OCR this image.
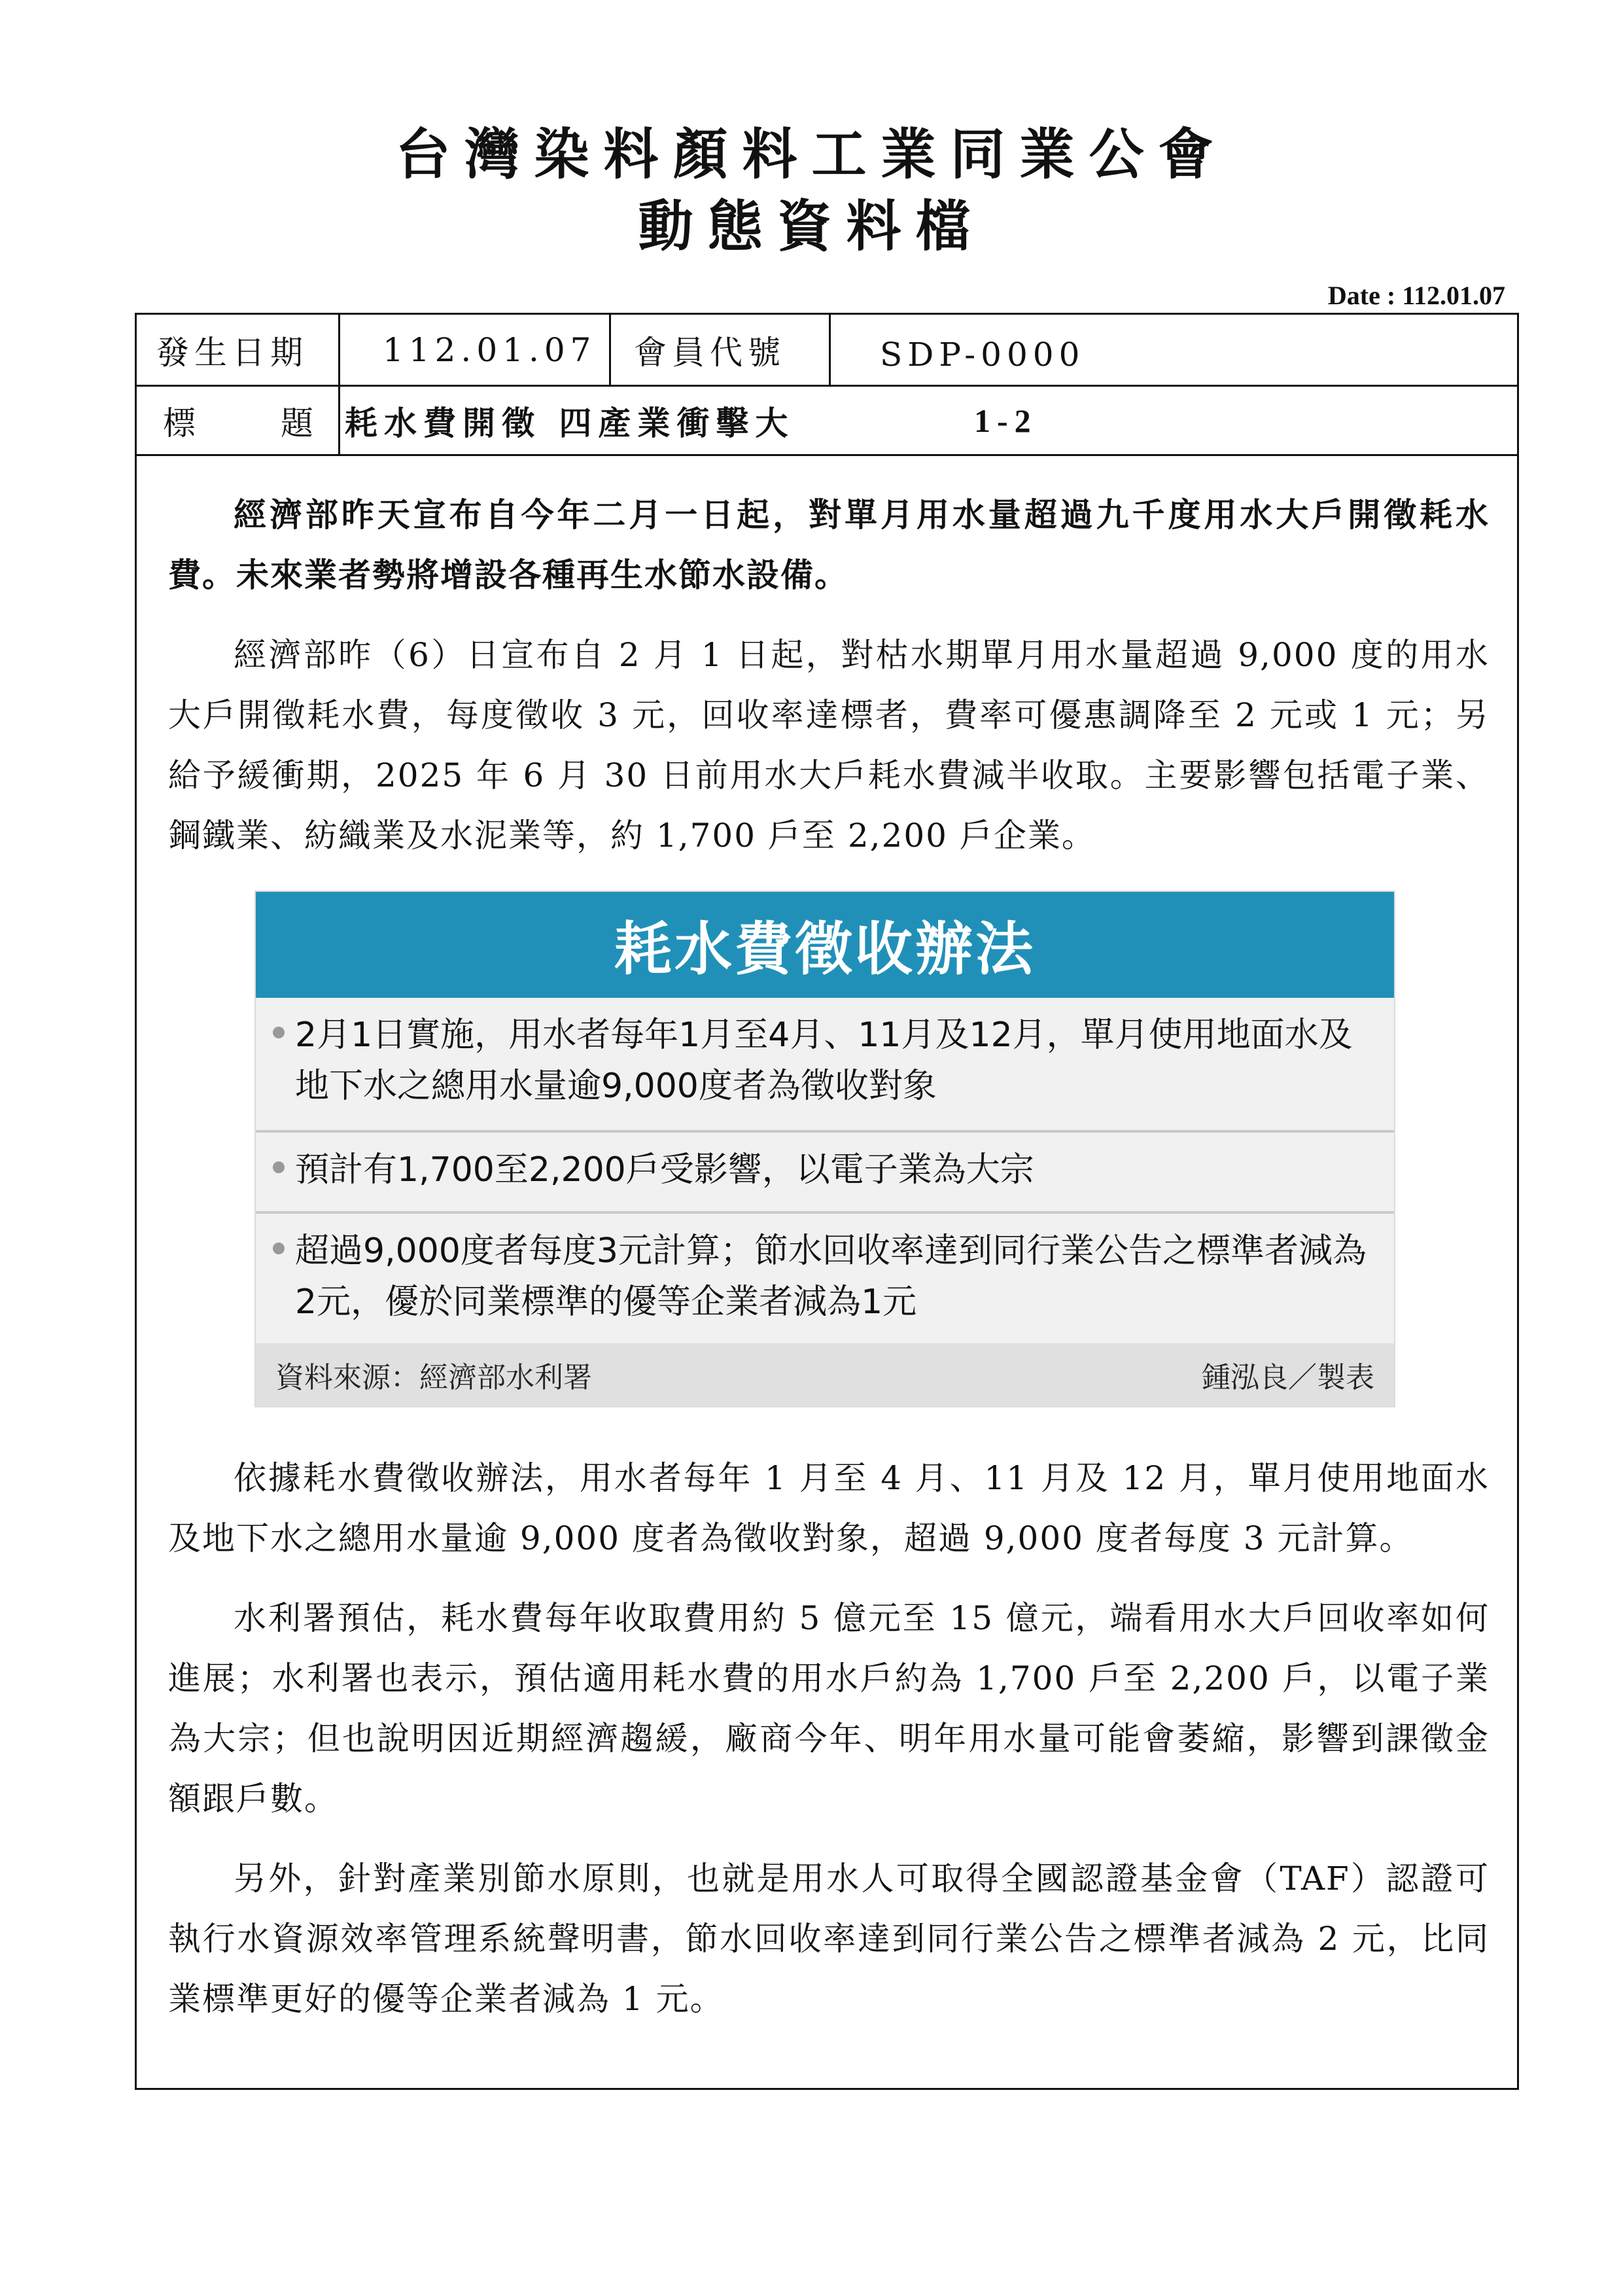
台灣染料顏料工業同業公會
動態資料檔
Date : 112.01.07
發生日期 112.01.07 會員代號	SDP-0000
標　　題 耗水費開徵 四產業衝擊大	1-2

經濟部昨天宣布自今年二月一日起，對單月用水量超過九千度用水大戶開徵耗水費。未來業者勢將增設各種再生水節水設備。

經濟部昨（6）日宣布自 2 月 1 日起，對枯水期單月用水量超過 9,000 度的用水大戶開徵耗水費，每度徵收 3 元，回收率達標者，費率可優惠調降至 2 元或 1 元；另給予緩衝期，2025 年 6 月 30 日前用水大戶耗水費減半收取。主要影響包括電子業、鋼鐵業、紡織業及水泥業等，約 1,700 戶至 2,200 戶企業。

耗水費徵收辦法
2月1日實施，用水者每年1月至4月、11月及12月，單月使用地面水及地下水之總用水量逾9,000度者為徵收對象
預計有1,700至2,200戶受影響，以電子業為大宗
超過9,000度者每度3元計算；節水回收率達到同行業公告之標準者減為2元，優於同業標準的優等企業者減為1元
資料來源：經濟部水利署	鍾泓良／製表

依據耗水費徵收辦法，用水者每年 1 月至 4 月、11 月及 12 月，單月使用地面水及地下水之總用水量逾 9,000 度者為徵收對象，超過 9,000 度者每度 3 元計算。

水利署預估，耗水費每年收取費用約 5 億元至 15 億元，端看用水大戶回收率如何進展；水利署也表示，預估適用耗水費的用水戶約為 1,700 戶至 2,200 戶，以電子業為大宗；但也說明因近期經濟趨緩，廠商今年、明年用水量可能會萎縮，影響到課徵金額跟戶數。

另外，針對產業別節水原則，也就是用水人可取得全國認證基金會（TAF）認證可執行水資源效率管理系統聲明書，節水回收率達到同行業公告之標準者減為 2 元，比同業標準更好的優等企業者減為 1 元。
